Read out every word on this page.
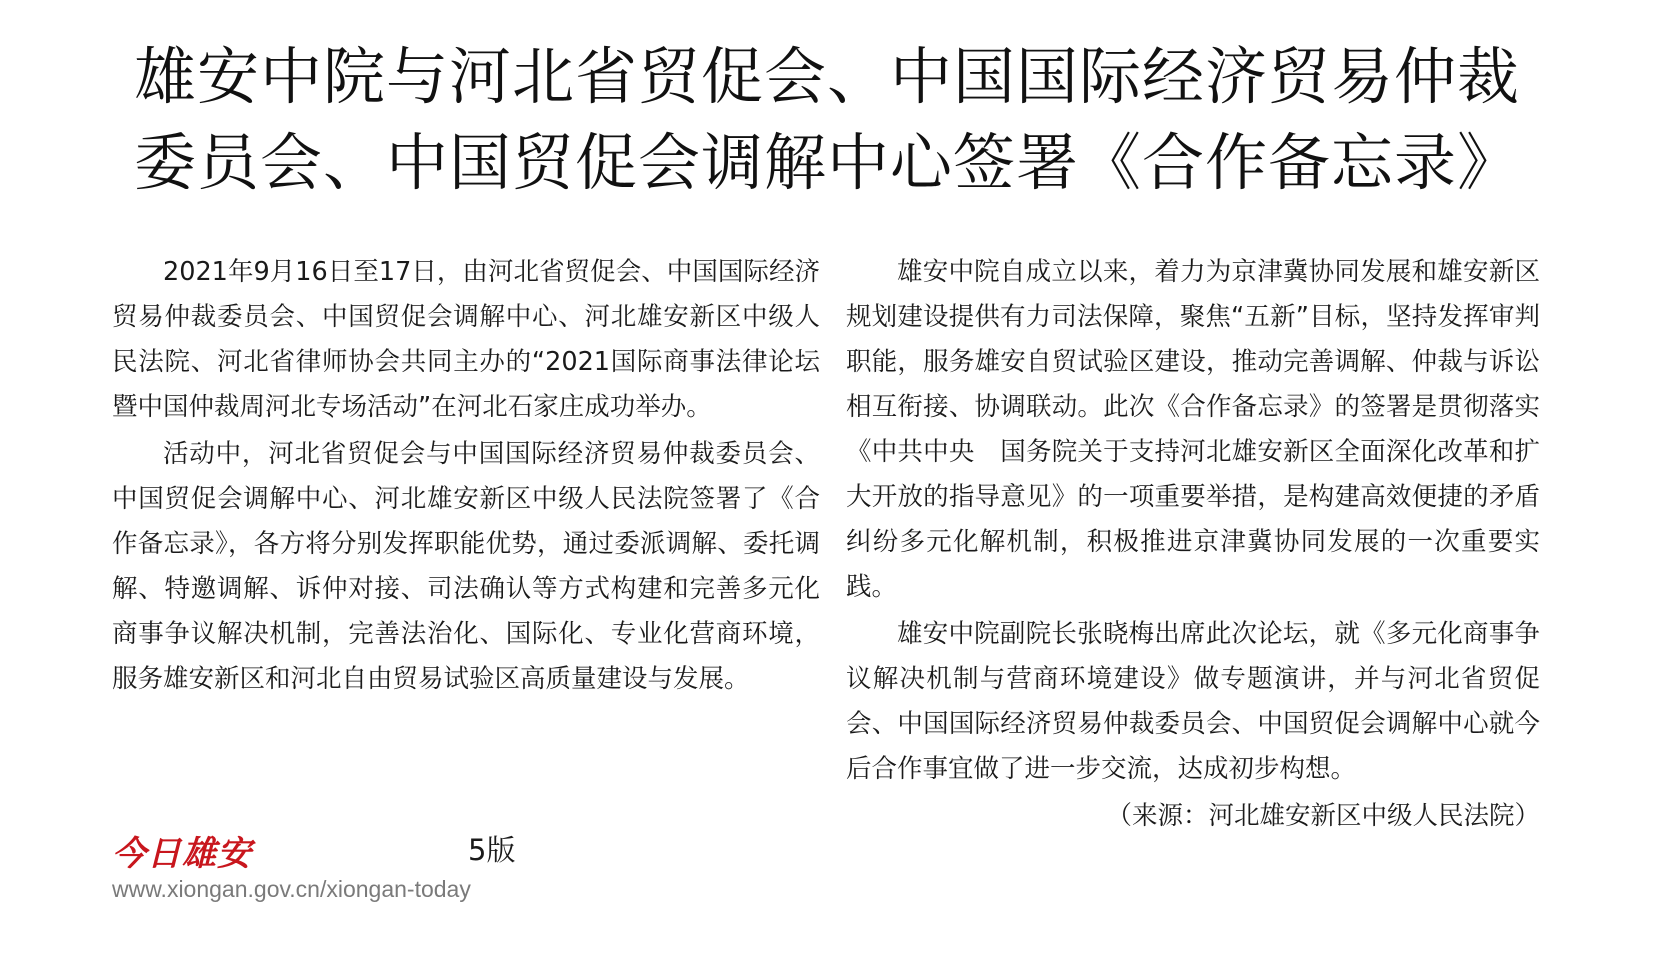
雄安中院与河北省贸促会、中国国际经济贸易仲裁
委员会、中国贸促会调解中心签署《合作备忘录》

2021年9月16日至17日，由河北省贸促会、中国国际经济贸易仲裁委员会、中国贸促会调解中心、河北雄安新区中级人民法院、河北省律师协会共同主办的“2021国际商事法律论坛暨中国仲裁周河北专场活动”在河北石家庄成功举办。

活动中，河北省贸促会与中国国际经济贸易仲裁委员会、中国贸促会调解中心、河北雄安新区中级人民法院签署了《合作备忘录》，各方将分别发挥职能优势，通过委派调解、委托调解、特邀调解、诉仲对接、司法确认等方式构建和完善多元化商事争议解决机制，完善法治化、国际化、专业化营商环境，服务雄安新区和河北自由贸易试验区高质量建设与发展。

雄安中院自成立以来，着力为京津冀协同发展和雄安新区规划建设提供有力司法保障，聚焦“五新”目标，坚持发挥审判职能，服务雄安自贸试验区建设，推动完善调解、仲裁与诉讼相互衔接、协调联动。此次《合作备忘录》的签署是贯彻落实《中共中央　国务院关于支持河北雄安新区全面深化改革和扩大开放的指导意见》的一项重要举措，是构建高效便捷的矛盾纠纷多元化解机制，积极推进京津冀协同发展的一次重要实践。

雄安中院副院长张晓梅出席此次论坛，就《多元化商事争议解决机制与营商环境建设》做专题演讲，并与河北省贸促会、中国国际经济贸易仲裁委员会、中国贸促会调解中心就今后合作事宜做了进一步交流，达成初步构想。

（来源：河北雄安新区中级人民法院）

今日雄安	5版
www.xiongan.gov.cn/xiongan-today
